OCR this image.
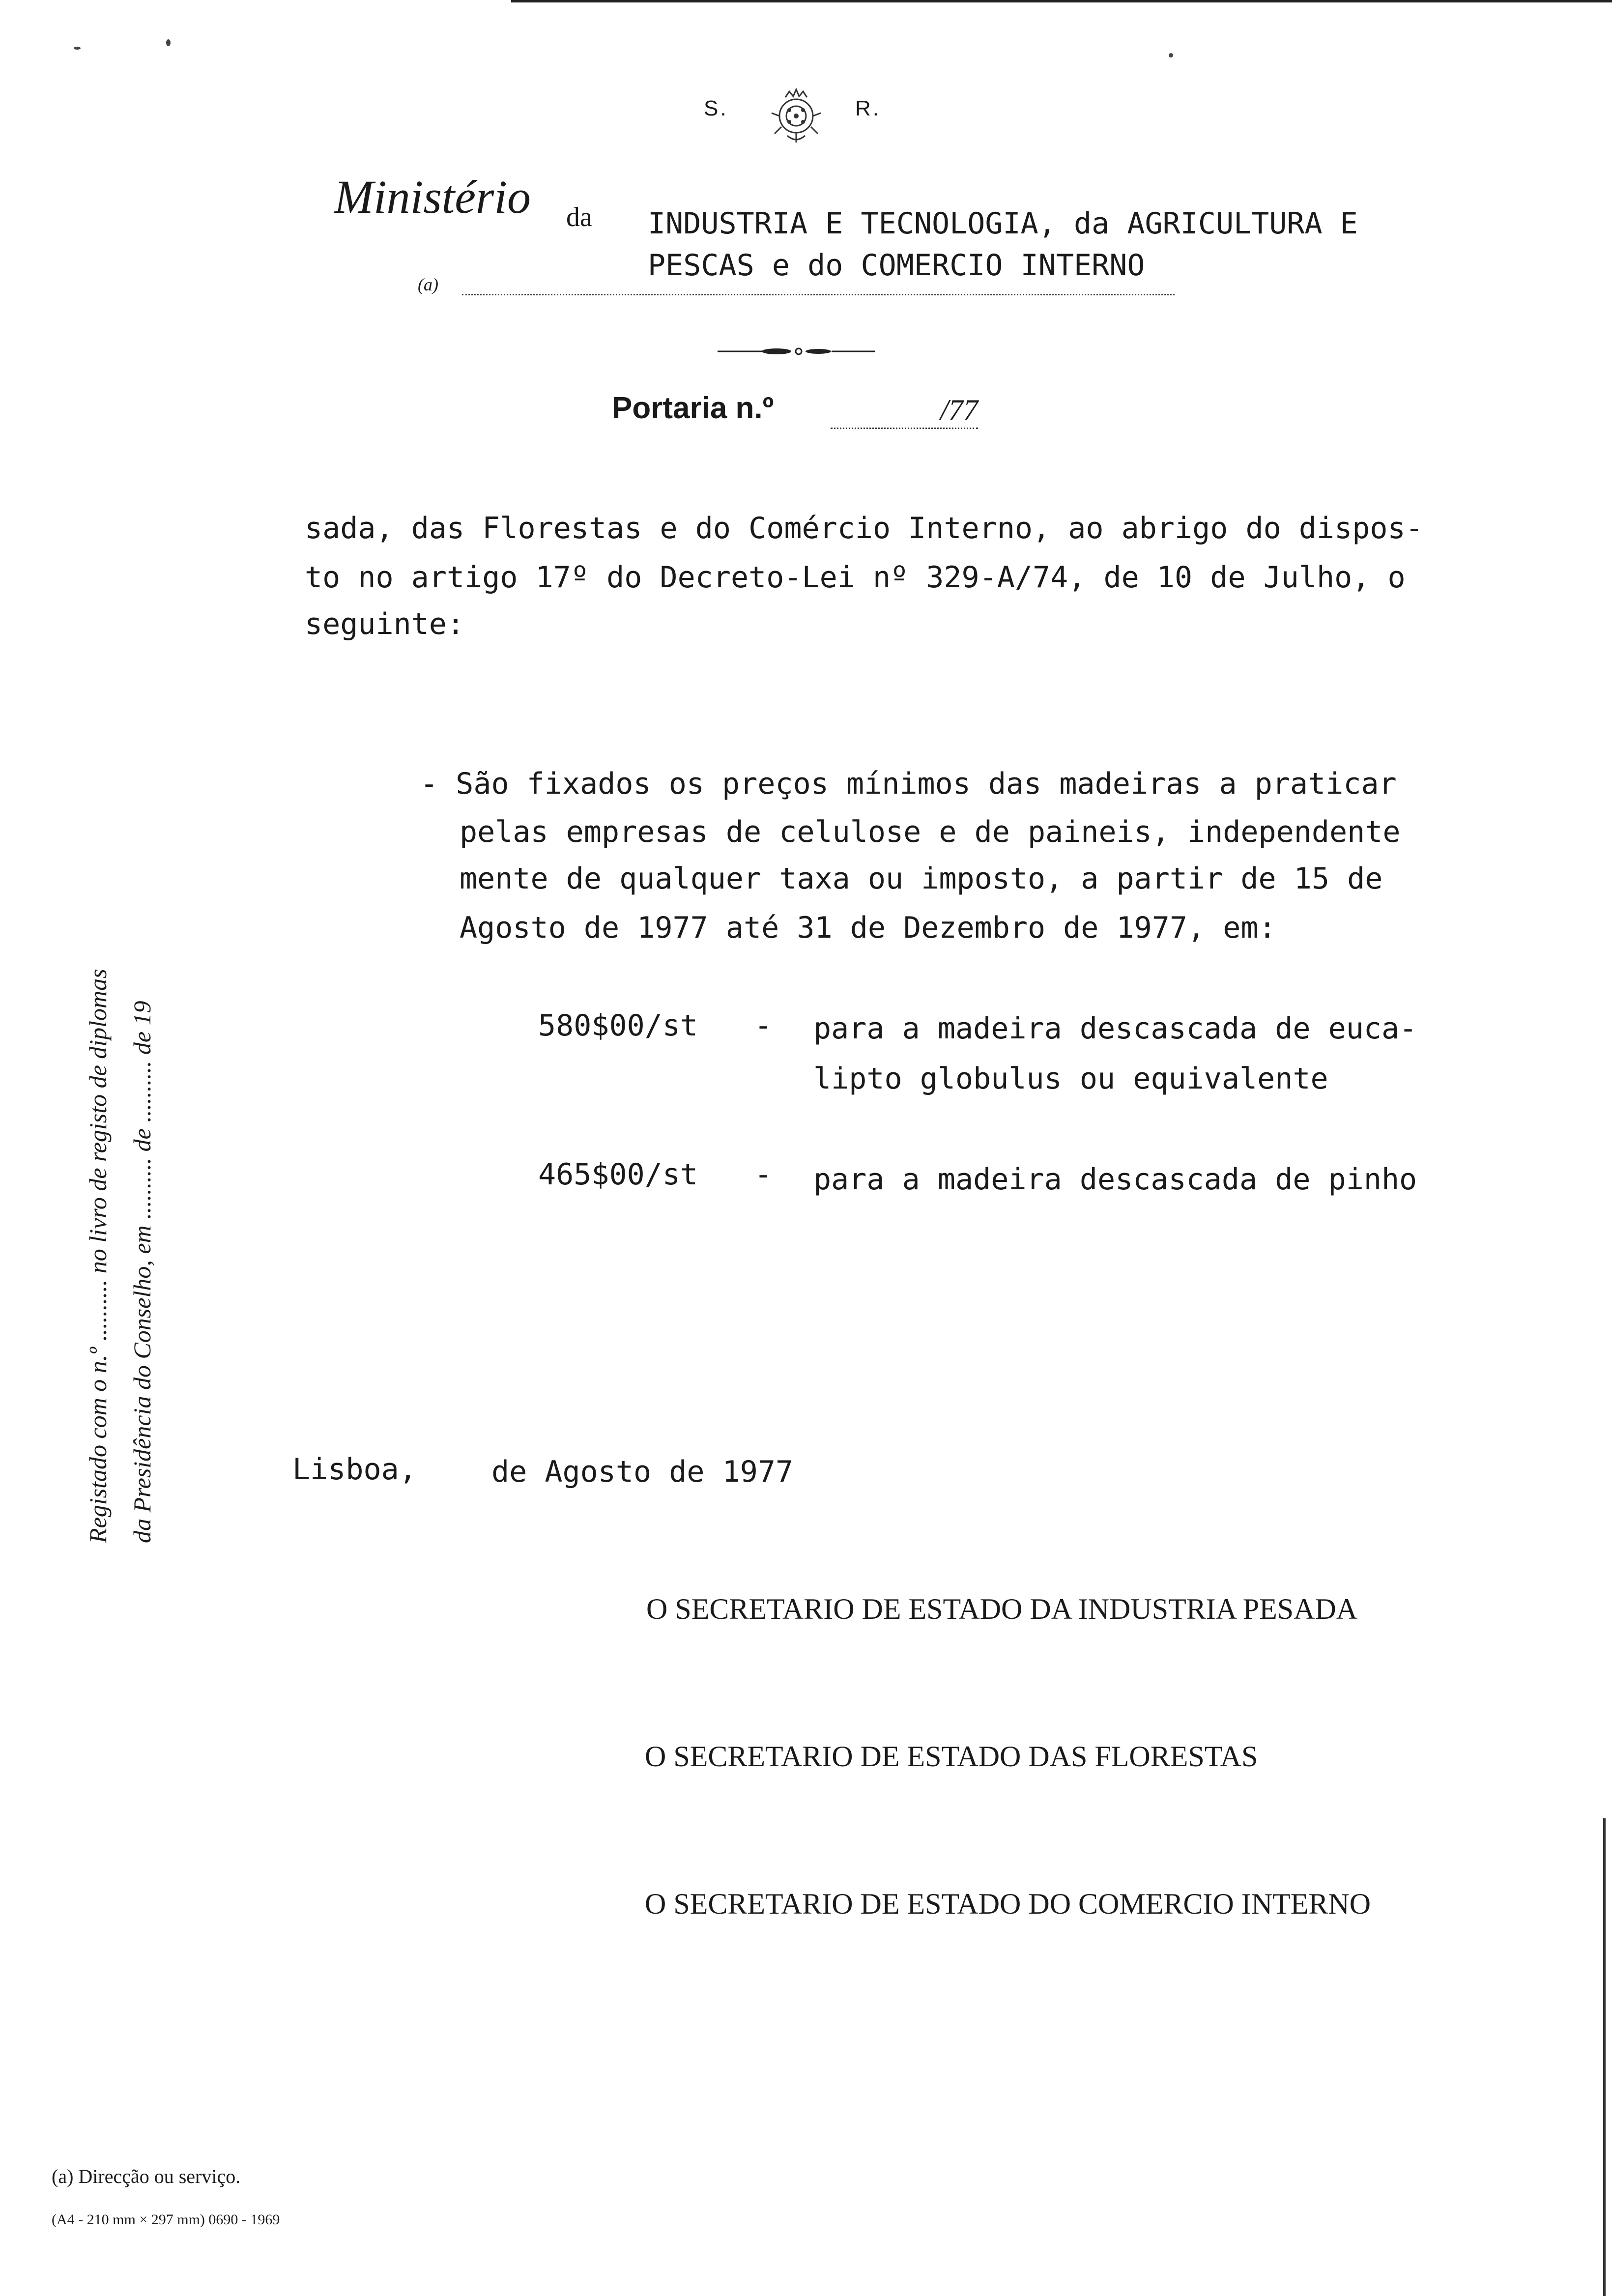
S.	R.
Ministério da INDUSTRIA E TECNOLOGIA, da AGRICULTURA E
PESCAS e do COMERCIO INTERNO
(a)
Portaria n.º	/77
sada, das Florestas e do Comércio Interno, ao abrigo do dispos-
to no artigo 17º do Decreto-Lei nº 329-A/74, de 10 de Julho, o
seguinte:
- São fixados os preços mínimos das madeiras a praticar
pelas empresas de celulose e de paineis, independente
mente de qualquer taxa ou imposto, a partir de 15 de
Agosto de 1977 até 31 de Dezembro de 1977, em:
580$00/st - para a madeira descascada de euca-
lipto globulus ou equivalente
465$00/st - para a madeira descascada de pinho
Lisboa,	de Agosto de 1977
O SECRETARIO DE ESTADO DA INDUSTRIA PESADA
O SECRETARIO DE ESTADO DAS FLORESTAS
O SECRETARIO DE ESTADO DO COMERCIO INTERNO
Registado com o n.º .......... no livro de registo de diplomas da Presidência do Conselho, em .......... de .......... de 19
(a) Direcção ou serviço.
(A4 - 210 mm × 297 mm) 0690 - 1969
